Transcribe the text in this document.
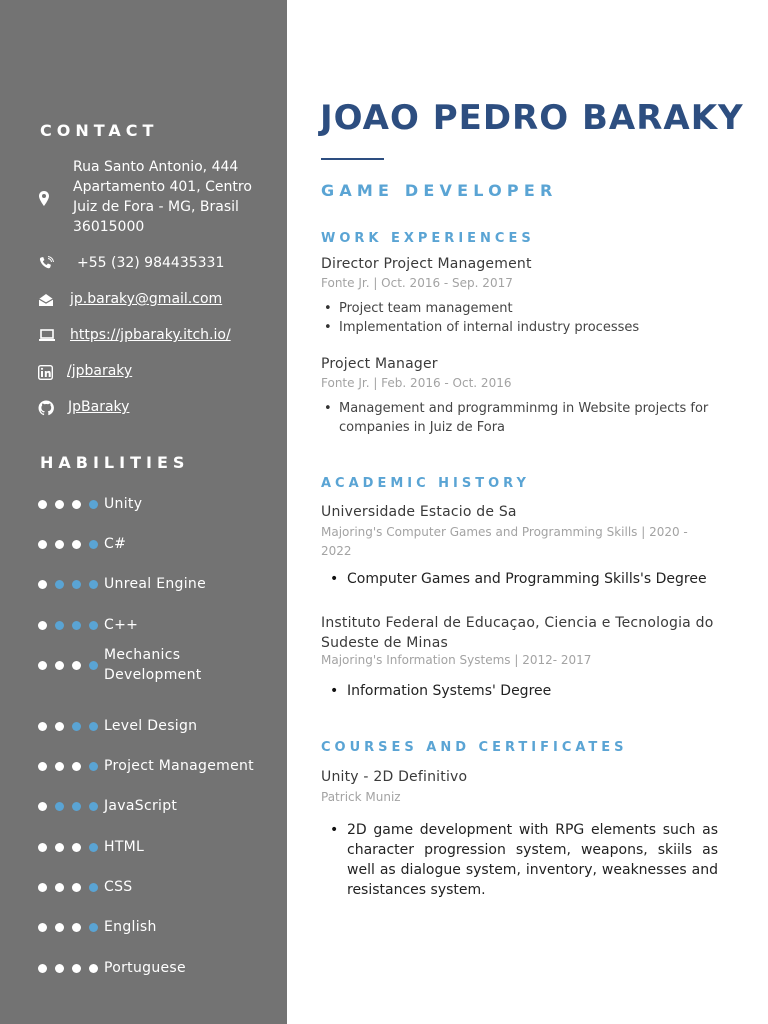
CONTACT
Rua Santo Antonio, 444
Apartamento 401, Centro
Juiz de Fora - MG, Brasil
36015000
+55 (32) 984435331
jp.baraky@gmail.com
https://jpbaraky.itch.io/
/jpbaraky
JpBaraky
HABILITIES
Unity
C#
Unreal Engine
C++
Mechanics Development
Level Design
Project Management
JavaScript
HTML
CSS
English
Portuguese
JOAO PEDRO BARAKY
GAME DEVELOPER
WORK EXPERIENCES
Director Project Management
Fonte Jr. | Oct. 2016 - Sep. 2017
• Project team management
• Implementation of internal industry processes
Project Manager
Fonte Jr. | Feb. 2016 - Oct. 2016
• Management and programminmg in Website projects for companies in Juiz de Fora
ACADEMIC HISTORY
Universidade Estacio de Sa
Majoring's Computer Games and Programming Skills | 2020 - 2022
• Computer Games and Programming Skills's Degree
Instituto Federal de Educaçao, Ciencia e Tecnologia do Sudeste de Minas
Majoring's Information Systems | 2012- 2017
• Information Systems' Degree
COURSES AND CERTIFICATES
Unity - 2D Definitivo
Patrick Muniz
• 2D game development with RPG elements such as character progression system, weapons, skiils as well as dialogue system, inventory, weaknesses and resistances system.
